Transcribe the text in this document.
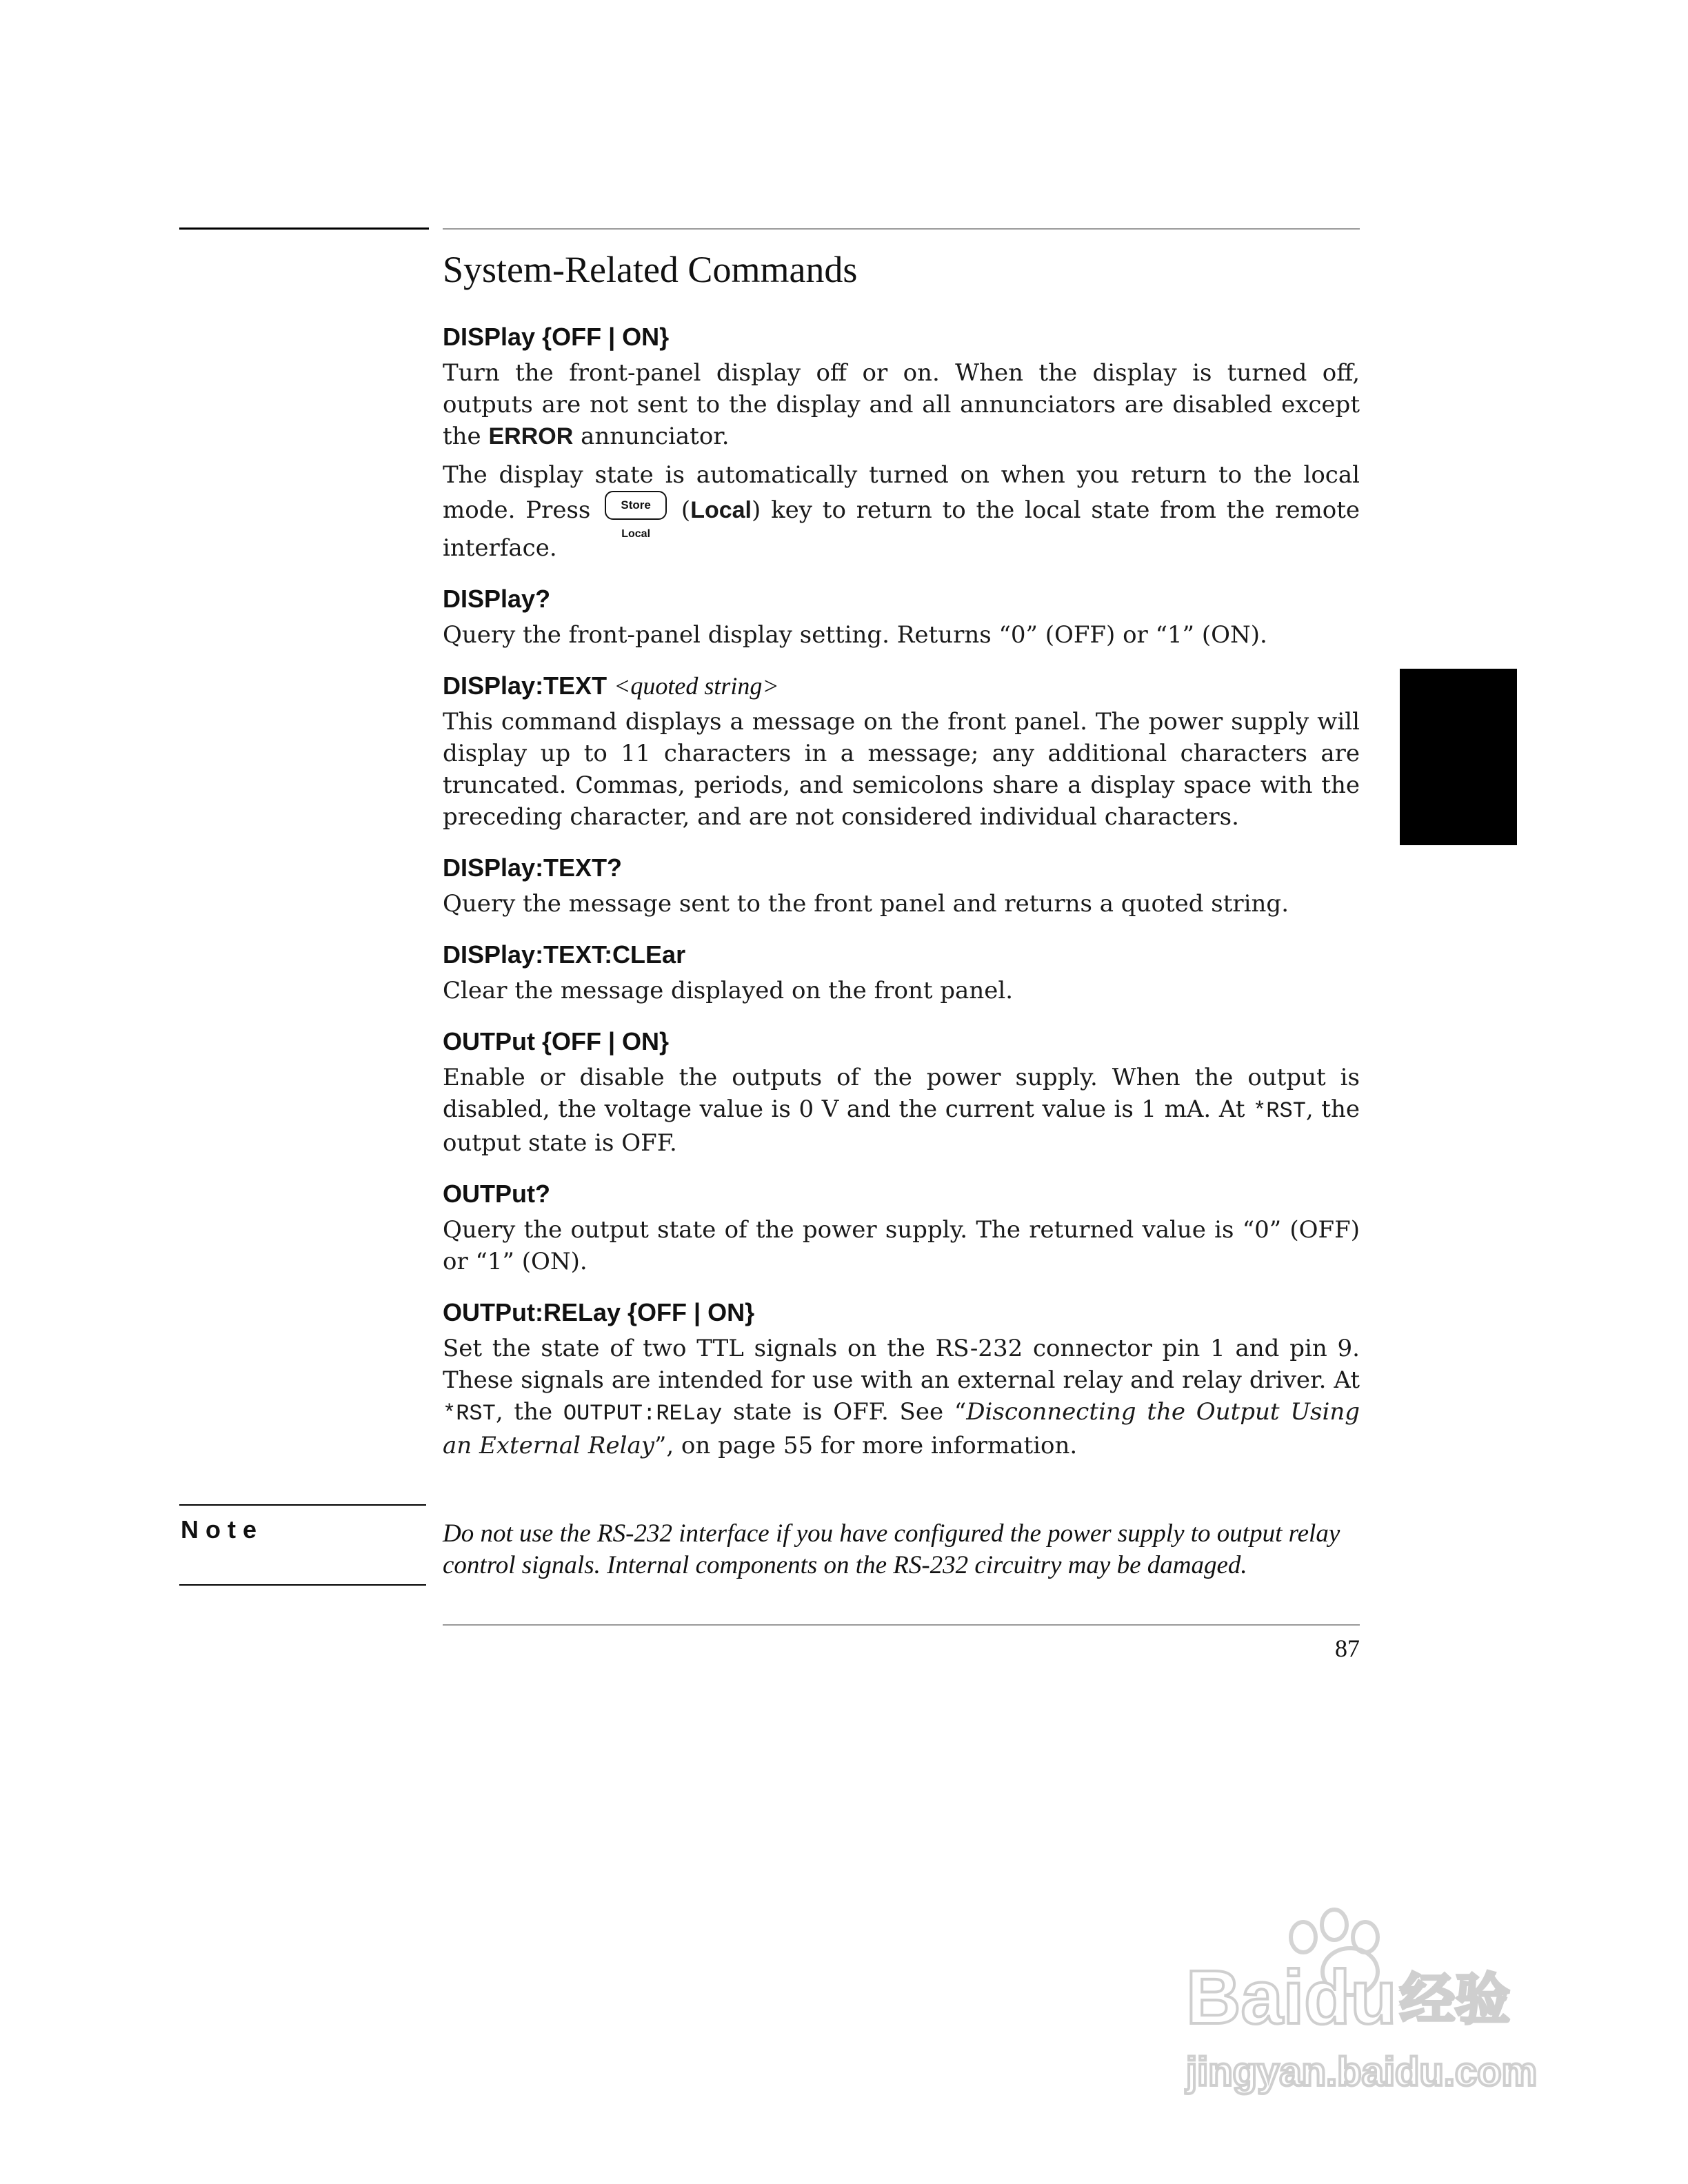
System-Related Commands
DISPlay {OFF | ON}

Turn the front-panel display off or on. When the display is turned off, outputs are not sent to the display and all annunciators are disabled except the ERROR annunciator.

The display state is automatically turned on when you return to the local mode. Press	Store
Local
(Local) key to return to the local state from the remote interface.

DISPlay?

Query the front-panel display setting. Returns “0” (OFF) or “1” (ON).

DISPlay:TEXT <quoted string>

This command displays a message on the front panel. The power supply will display up to 11 characters in a message; any additional characters are truncated. Commas, periods, and semicolons share a display space with the preceding character, and are not considered individual characters.

DISPlay:TEXT?

Query the message sent to the front panel and returns a quoted string.

DISPlay:TEXT:CLEar

Clear the message displayed on the front panel.

OUTPut {OFF | ON}

Enable or disable the outputs of the power supply. When the output is disabled, the voltage value is 0 V and the current value is 1 mA. At *RST, the output state is OFF.

OUTPut?

Query the output state of the power supply. The returned value is “0” (OFF) or “1” (ON).

OUTPut:RELay {OFF | ON}

Set the state of two TTL signals on the RS-232 connector pin 1 and pin 9. These signals are intended for use with an external relay and relay driver. At *RST, the OUTPUT:RELay state is OFF. See “Disconnecting the Output Using an External Relay”, on page 55 for more information.

Note	Do not use the RS-232 interface if you have configured the power supply to output relay control signals. Internal components on the RS-232 circuitry may be damaged.
87
Baidu 经验
jingyan.baidu.com
